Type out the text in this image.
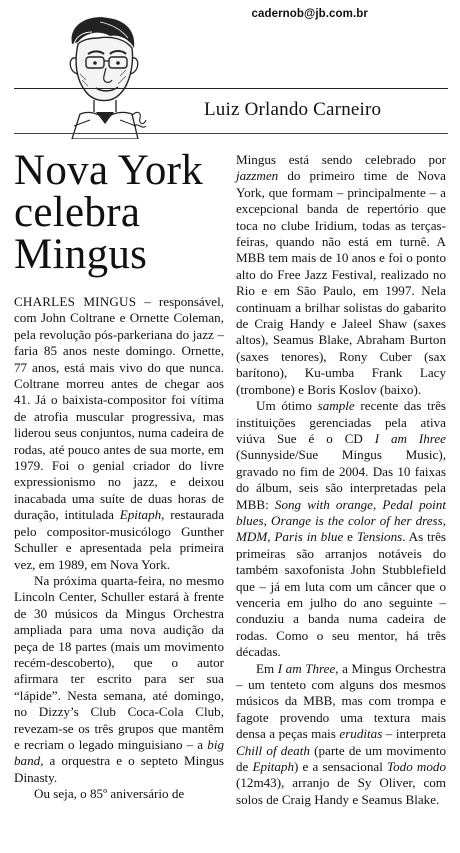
cadernob@jb.com.br
Luiz Orlando Carneiro
Nova York
celebra
Mingus

CHARLES MINGUS – responsável, com John Coltrane e Ornette Coleman, pela revolução pós-parkeriana do jazz – faria 85 anos neste domingo. Ornette, 77 anos, está mais vivo do que nunca. Coltrane morreu antes de chegar aos 41. Já o baixista-compositor foi vítima de atrofia muscular progressiva, mas liderou seus conjuntos, numa cadeira de rodas, até pouco antes de sua morte, em 1979. Foi o genial criador do livre expressionismo no jazz, e deixou inacabada uma suíte de duas horas de duração, intitulada Epitaph, restaurada pelo compositor-musicólogo Gunther Schuller e apresentada pela primeira vez, em 1989, em Nova York.

Na próxima quarta-feira, no mesmo Lincoln Center, Schuller estará à frente de 30 músicos da Mingus Orchestra ampliada para uma nova audição da peça de 18 partes (mais um movimento recém-descoberto), que o autor afirmara ter escrito para ser sua “lápide”. Nesta semana, até domingo, no Dizzy’s Club Coca-Cola Club, revezam-se os três grupos que mantêm e recriam o legado minguisiano – a big band, a orquestra e o septeto Mingus Dinasty.

Ou seja, o 85º aniversário de

Mingus está sendo celebrado por jazzmen do primeiro time de Nova York, que formam – principalmente – a excepcional banda de repertório que toca no clube Iridium, todas as terças-feiras, quando não está em turnê. A MBB tem mais de 10 anos e foi o ponto alto do Free Jazz Festival, realizado no Rio e em São Paulo, em 1997. Nela continuam a brilhar solistas do gabarito de Craig Handy e Jaleel Shaw (saxes altos), Seamus Blake, Abraham Burton (saxes tenores), Rony Cuber (sax barítono), Ku-umba Frank Lacy (trombone) e Boris Koslov (baixo).

Um ótimo sample recente das três instituições gerenciadas pela ativa viúva Sue é o CD I am Ihree (Sunnyside/Sue Mingus Music), gravado no fim de 2004. Das 10 faixas do álbum, seis são interpretadas pela MBB: Song with orange, Pedal point blues, Orange is the color of her dress, MDM, Paris in blue e Tensions. As três primeiras são arranjos notáveis do também saxofonista John Stubblefield que – já em luta com um câncer que o venceria em julho do ano seguinte – conduziu a banda numa cadeira de rodas. Como o seu mentor, há três décadas.

Em I am Three, a Mingus Orchestra – um tenteto com alguns dos mesmos músicos da MBB, mas com trompa e fagote provendo uma textura mais densa a peças mais eruditas – interpreta Chill of death (parte de um movimento de Epitaph) e a sensacional Todo modo (12m43), arranjo de Sy Oliver, com solos de Craig Handy e Seamus Blake.
